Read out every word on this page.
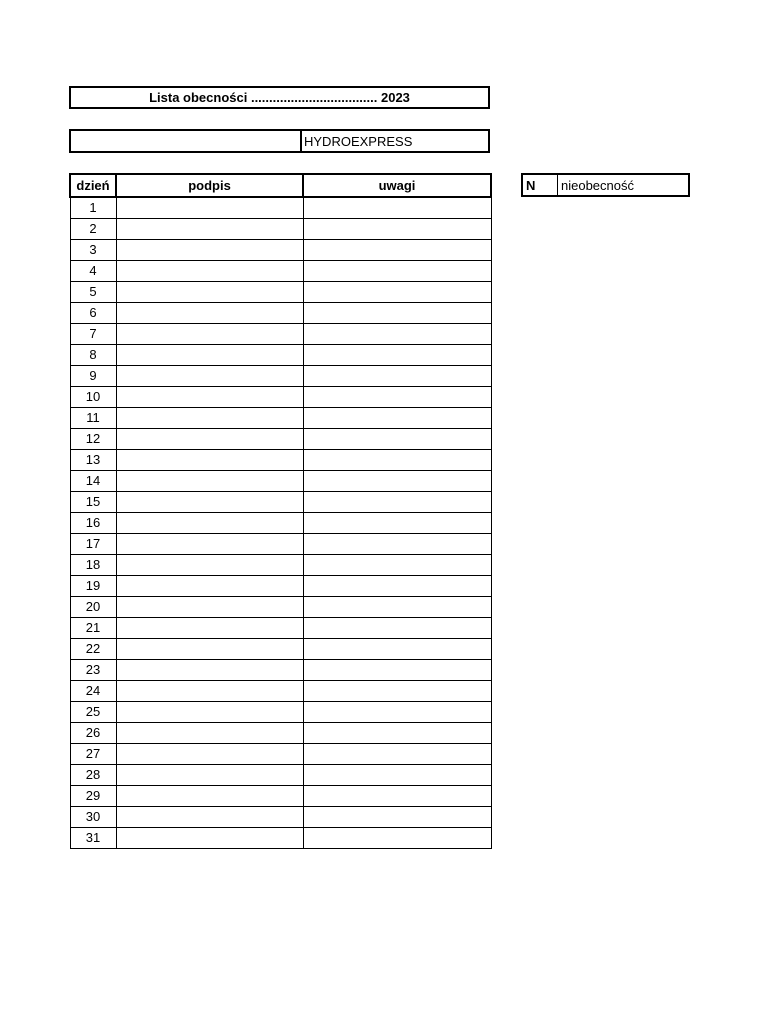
Lista obecności ................................... 2023
HYDROEXPRESS
dzień	podpis	uwagi
1		
2		
3		
4		
5		
6		
7		
8		
9		
10		
11		
12		
13		
14		
15		
16		
17		
18		
19		
20		
21		
22		
23		
24		
25		
26		
27		
28		
29		
30		
31		
N	nieobecność
